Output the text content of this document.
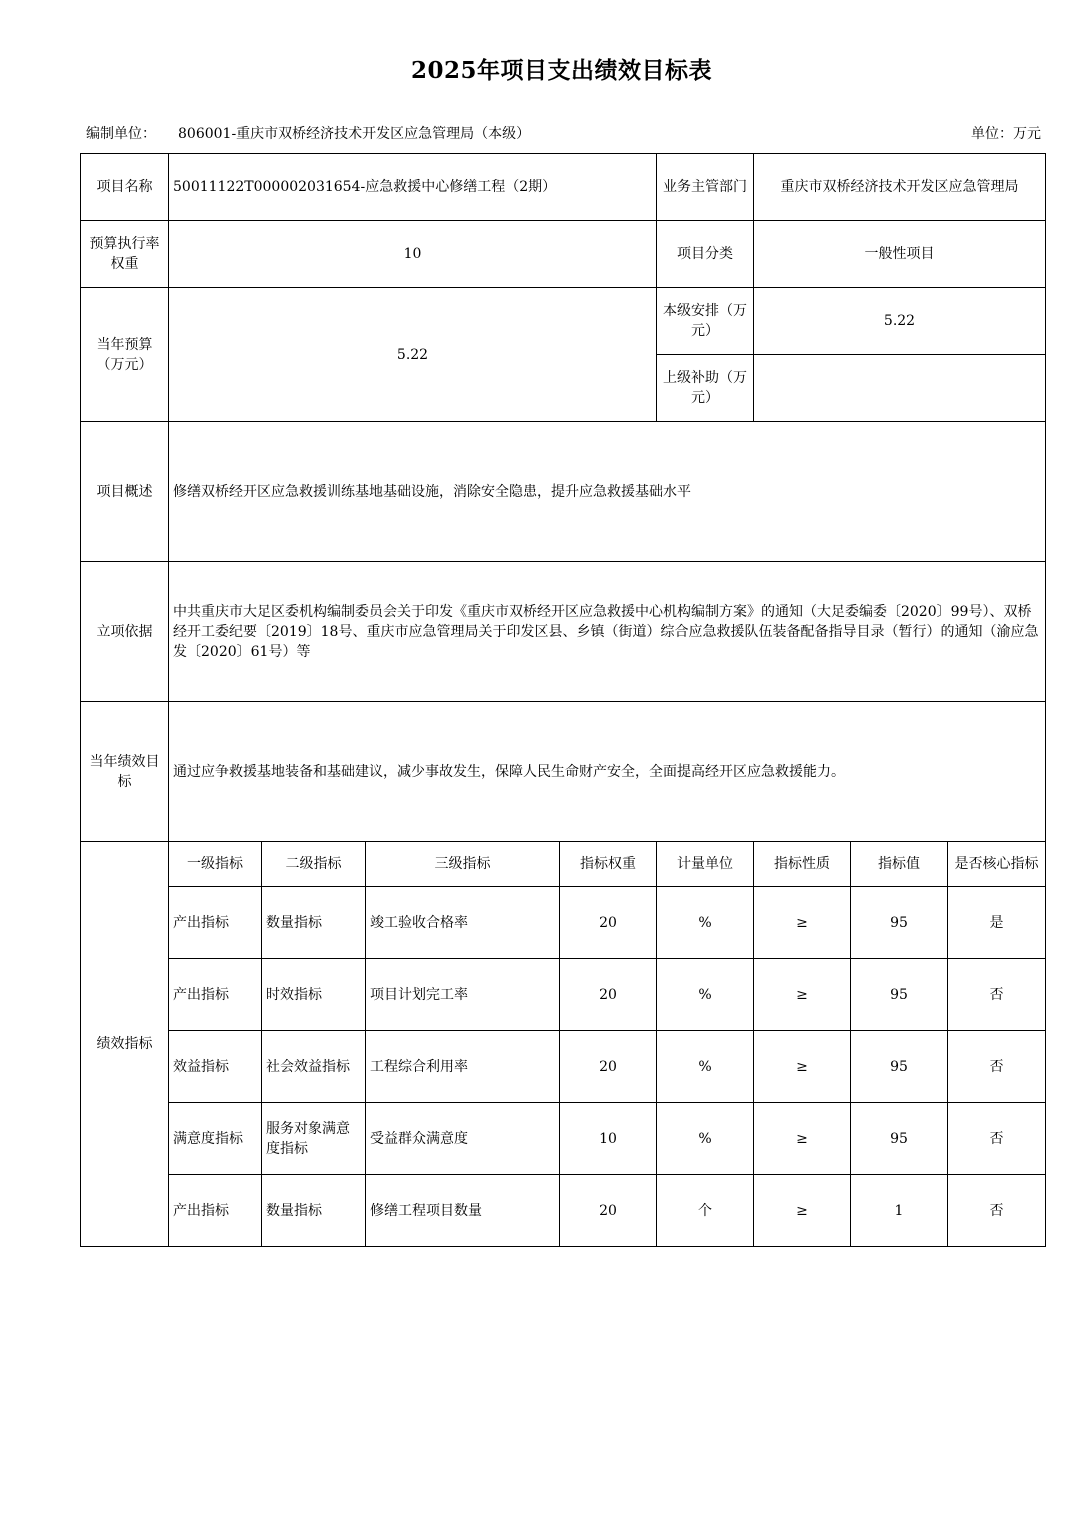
2025年项目支出绩效目标表
编制单位： 806001-重庆市双桥经济技术开发区应急管理局（本级）	单位：万元
项目名称	50011122T000002031654-应急救援中心修缮工程（2期）				业务主管部门	重庆市双桥经济技术开发区应急管理局		
预算执行率权重	10				项目分类	一般性项目		
当年预算（万元）	5.22				本级安排（万元）	5.22		
					上级补助（万元）			
项目概述	修缮双桥经开区应急救援训练基地基础设施，消除安全隐患，提升应急救援基础水平							
立项依据	中共重庆市大足区委机构编制委员会关于印发《重庆市双桥经开区应急救援中心机构编制方案》的通知（大足委编委〔2020〕99号）、双桥经开工委纪要〔2019〕18号、重庆市应急管理局关于印发区县、乡镇（街道）综合应急救援队伍装备配备指导目录（暂行）的通知（渝应急发〔2020〕61号）等							
当年绩效目标	通过应争救援基地装备和基础建议，减少事故发生，保障人民生命财产安全，全面提高经开区应急救援能力。							
绩效指标	一级指标	二级指标	三级指标	指标权重	计量单位	指标性质	指标值	是否核心指标
	产出指标	数量指标	竣工验收合格率	20	%	≥	95	是
	产出指标	时效指标	项目计划完工率	20	%	≥	95	否
	效益指标	社会效益指标	工程综合利用率	20	%	≥	95	否
	满意度指标	服务对象满意度指标	受益群众满意度	10	%	≥	95	否
	产出指标	数量指标	修缮工程项目数量	20	个	≥	1	否
